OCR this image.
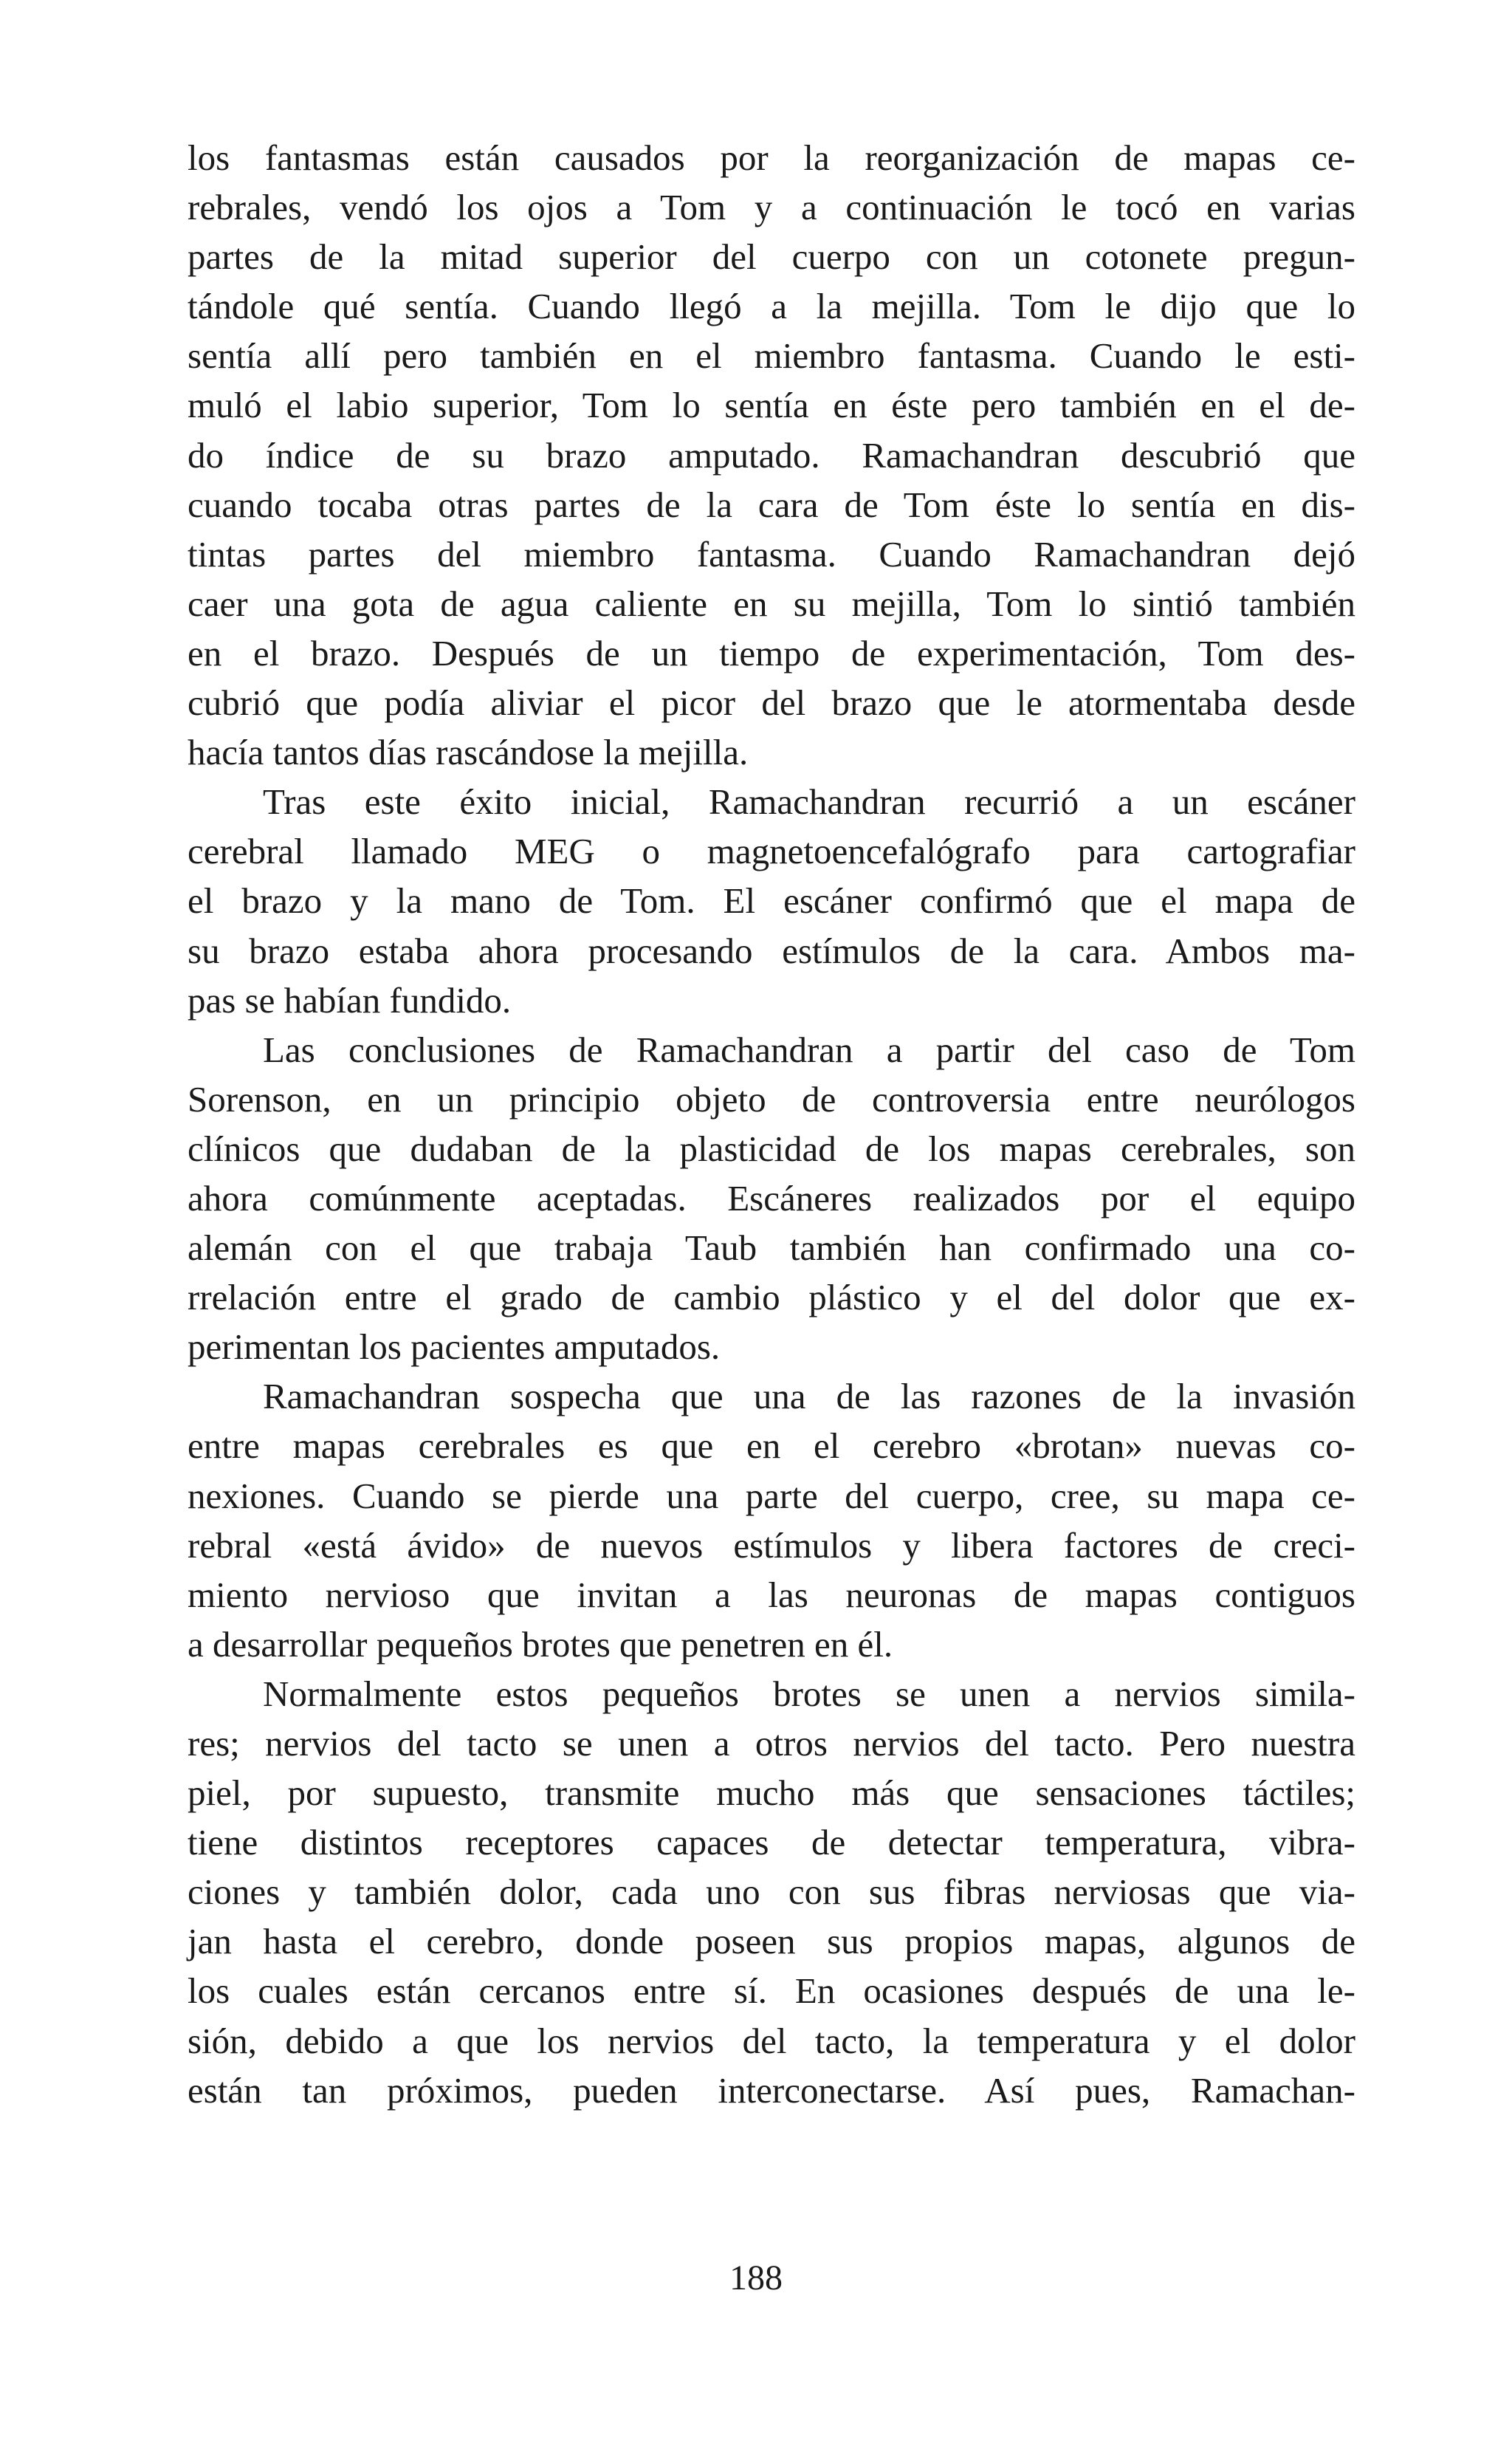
los fantasmas están causados por la reorganización de mapas ce-
rebrales, vendó los ojos a Tom y a continuación le tocó en varias
partes de la mitad superior del cuerpo con un cotonete pregun-
tándole qué sentía. Cuando llegó a la mejilla. Tom le dijo que lo
sentía allí pero también en el miembro fantasma. Cuando le esti-
muló el labio superior, Tom lo sentía en éste pero también en el de-
do índice de su brazo amputado. Ramachandran descubrió que
cuando tocaba otras partes de la cara de Tom éste lo sentía en dis-
tintas partes del miembro fantasma. Cuando Ramachandran dejó
caer una gota de agua caliente en su mejilla, Tom lo sintió también
en el brazo. Después de un tiempo de experimentación, Tom des-
cubrió que podía aliviar el picor del brazo que le atormentaba desde
hacía tantos días rascándose la mejilla.
Tras este éxito inicial, Ramachandran recurrió a un escáner
cerebral llamado MEG o magnetoencefalógrafo para cartografiar
el brazo y la mano de Tom. El escáner confirmó que el mapa de
su brazo estaba ahora procesando estímulos de la cara. Ambos ma-
pas se habían fundido.
Las conclusiones de Ramachandran a partir del caso de Tom
Sorenson, en un principio objeto de controversia entre neurólogos
clínicos que dudaban de la plasticidad de los mapas cerebrales, son
ahora comúnmente aceptadas. Escáneres realizados por el equipo
alemán con el que trabaja Taub también han confirmado una co-
rrelación entre el grado de cambio plástico y el del dolor que ex-
perimentan los pacientes amputados.
Ramachandran sospecha que una de las razones de la invasión
entre mapas cerebrales es que en el cerebro «brotan» nuevas co-
nexiones. Cuando se pierde una parte del cuerpo, cree, su mapa ce-
rebral «está ávido» de nuevos estímulos y libera factores de creci-
miento nervioso que invitan a las neuronas de mapas contiguos
a desarrollar pequeños brotes que penetren en él.
Normalmente estos pequeños brotes se unen a nervios simila-
res; nervios del tacto se unen a otros nervios del tacto. Pero nuestra
piel, por supuesto, transmite mucho más que sensaciones táctiles;
tiene distintos receptores capaces de detectar temperatura, vibra-
ciones y también dolor, cada uno con sus fibras nerviosas que via-
jan hasta el cerebro, donde poseen sus propios mapas, algunos de
los cuales están cercanos entre sí. En ocasiones después de una le-
sión, debido a que los nervios del tacto, la temperatura y el dolor
están tan próximos, pueden interconectarse. Así pues, Ramachan-
188
